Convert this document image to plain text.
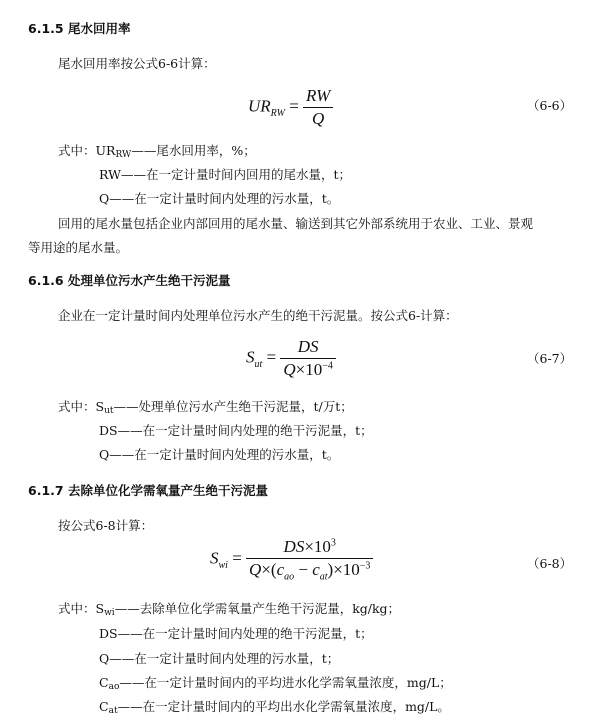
6.1.5 尾水回用率
尾水回用率按公式6-6计算：
$UR_{RW} = \frac{RW}{Q}$	（6-6）
式中：URRW——尾水回用率，%；
RW——在一定计量时间内回用的尾水量，t；
Q——在一定计量时间内处理的污水量，t。
回用的尾水量包括企业内部回用的尾水量、输送到其它外部系统用于农业、工业、景观
等用途的尾水量。
6.1.6 处理单位污水产生绝干污泥量
企业在一定计量时间内处理单位污水产生的绝干污泥量。按公式6-计算：
$S_{ut} = \frac{DS}{Q\times 10^{-4}}$	（6-7）
式中：Sut——处理单位污水产生绝干污泥量，t/万t；
DS——在一定计量时间内处理的绝干污泥量，t；
Q——在一定计量时间内处理的污水量，t。
6.1.7 去除单位化学需氧量产生绝干污泥量
按公式6-8计算：
$S_{wi} = \frac{DS\times 10^3}{Q\times(c_{ao} - c_{at})\times 10^{-3}}$	（6-8）
式中：Swi——去除单位化学需氧量产生绝干污泥量，kg/kg；
DS——在一定计量时间内处理的绝干污泥量，t；
Q——在一定计量时间内处理的污水量，t；
Cao——在一定计量时间内的平均进水化学需氧量浓度，mg/L；
Cat——在一定计量时间内的平均出水化学需氧量浓度，mg/L。
